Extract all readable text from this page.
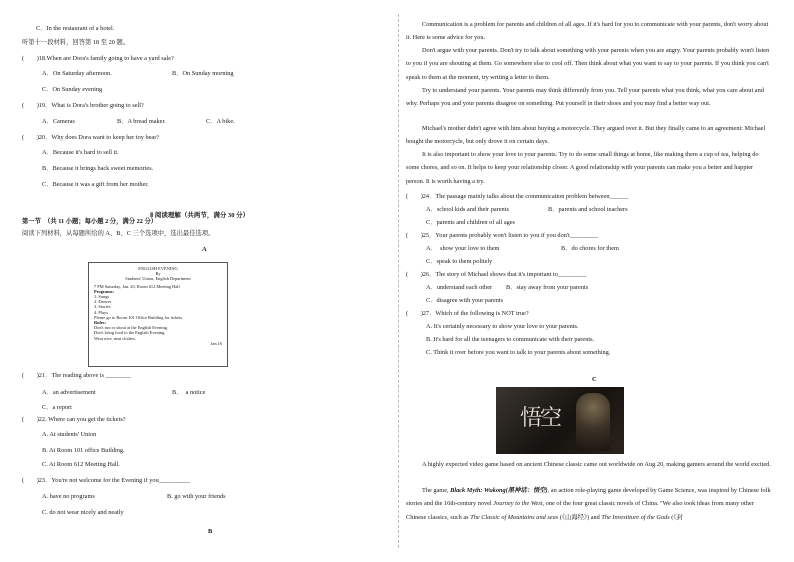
C．In the restaurant of a hotel.
听第十一段材料，回答第 18 至 20 题。
(　　)18.When are Dora's family going to have a yard sale?
A．On Saturday afternoon.	B．On Sunday morning
C．On Sunday evening
(　　)19．What is Dora's brother going to sell?
A．Cameras	B．A bread maker.	C．A bike.
(　　)20．Why does Dora want to keep her toy bear?
A．Because it's hard to sell it.
B．Because it brings back sweet memories.
C．Because it was a gift from her mother.
第一节　（共 11 小题；每小题 2 分，满分 22 分）
阅读下列材料，从每题所给的 A、B、C 三个选项中，选出最佳选项。
(　　)21．The reading above is ________
A．an advertisement	B．　a notice
C．a report
(　　)22. Where can you get the tickets?
A. At students' Union
B. At Room 101 office Building.
C. At Room 612 Meeting Hall.
(　　)23．You're not welcome for the Evening if you__________
A. have no programs	B. go with your friends
C. do not wear nicely and neatly
Ⅱ 阅读理解（共两节，满分 30 分）
A
ENGLISH EVENING
By
Students' Union, English Department
7 PM Saturday, Jan. 20, Room 612 Meeting Hall
Programs:
1. Songs
2. Dances
3. Stories
4. Plays
Please go to Room 101 Office Building for tickets.
Rules:
Don't run or shout at the English Evening.
Don't bring food to the English Evening.
Wear nice, neat clothes.
Jan.16
B

Communication is a problem for parents and children of all ages. If it's hard for you to communicate with your parents, don't worry about it. Here is some advice for you.

Don't argue with your parents. Don't try to talk about something with your parents when you are angry. Your parents probably won't listen to you if you are shouting at them. Go somewhere else to cool off. Then think about what you want to say to your parents. If you think you can't speak to them at the moment, try writing a letter to them.

Try to understand your parents. Your parents may think differently from you. Tell your parents what you think, what you care about and why. Perhaps you and your parents disagree on something. Put yourself in their shoes and you may find a better way out.

Michael's mother didn't agree with him about buying a motorcycle. They argued over it. But they finally came to an agreement: Michael bought the motorcycle, but only drove it on certain days.

It is also important to show your love to your parents. Try to do some small things at home, like making them a cup of tea, helping do some chores, and so on. It helps to keep your relationship closer. A good relationship with your parents can make you a better and happier person. It is worth having a try.

(　　)24．The passage mainly talks about the communication problem between______
A．school kids and their parents	B．parents and school teachers
C．parents and children of all ages
(　　)25．Your parents probably won't listen to you if you don't_________
A．　show your love to them	B．do chores for them
C．speak to them politely
(　　)26．The story of Michael shows that it's important to_________
A．understand each other B．stay away from your parents
C．disagree with your parents
(　　)27．Which of the following is NOT true?
A. It's certainly necessary to show your love to your parents.
B. It's hard for all the teenagers to communicate with their parents.
C. Think it over before you want to talk to your parents about something.
C
悟空

A highly expected video game based on ancient Chinese classic came out worldwide on Aug 20, making gamers around the world excited.

The game, Black Myth: Wukong(黑神话：悟空), an action role-playing game developed by Game Science, was inspired by Chinese folk stories and the 16th-century novel Journey to the West, one of the four great classic novels of China. "We also took ideas from many other Chinese classics, such as The Classic of Mountains and seas (《山海经》) and The Investiture of the Gods (《封
